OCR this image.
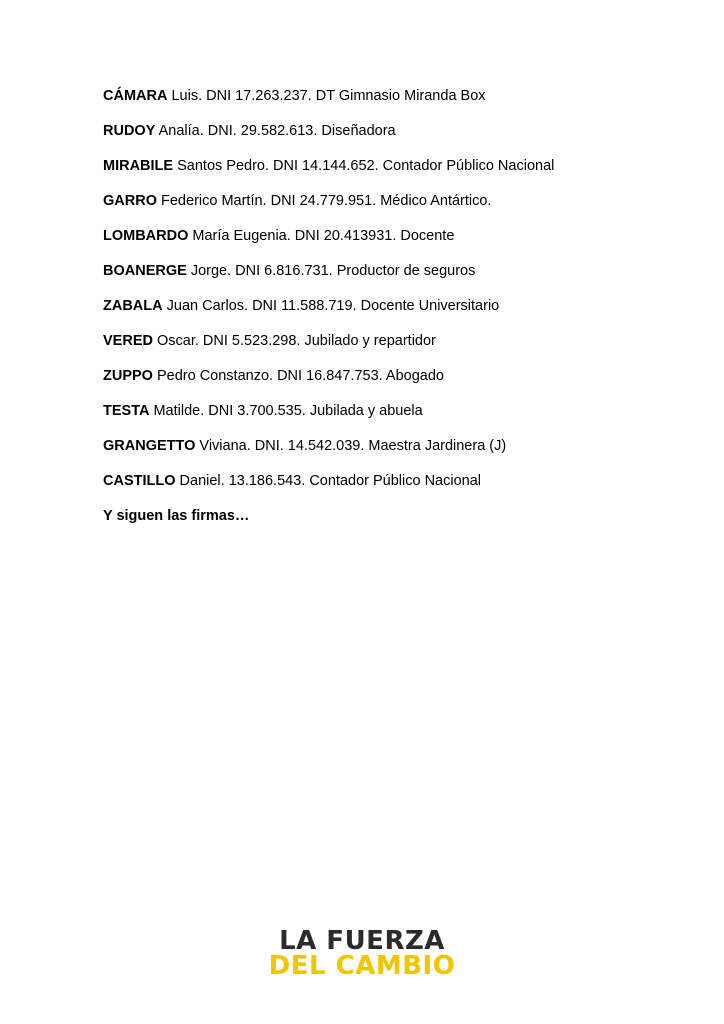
CÁMARA Luis. DNI 17.263.237. DT Gimnasio Miranda Box
RUDOY Analía. DNI. 29.582.613. Diseñadora
MIRABILE Santos Pedro. DNI 14.144.652. Contador Público Nacional
GARRO Federico Martín. DNI 24.779.951. Médico Antártico.
LOMBARDO María Eugenia. DNI 20.413931. Docente
BOANERGE Jorge. DNI 6.816.731. Productor de seguros
ZABALA Juan Carlos. DNI 11.588.719. Docente Universitario
VERED Oscar. DNI 5.523.298. Jubilado y repartidor
ZUPPO Pedro Constanzo. DNI 16.847.753. Abogado
TESTA Matilde. DNI 3.700.535. Jubilada y abuela
GRANGETTO Viviana. DNI. 14.542.039. Maestra Jardinera (J)
CASTILLO Daniel. 13.186.543. Contador Público Nacional

Y siguen las firmas…

LA FUERZA
DEL CAMBIO
